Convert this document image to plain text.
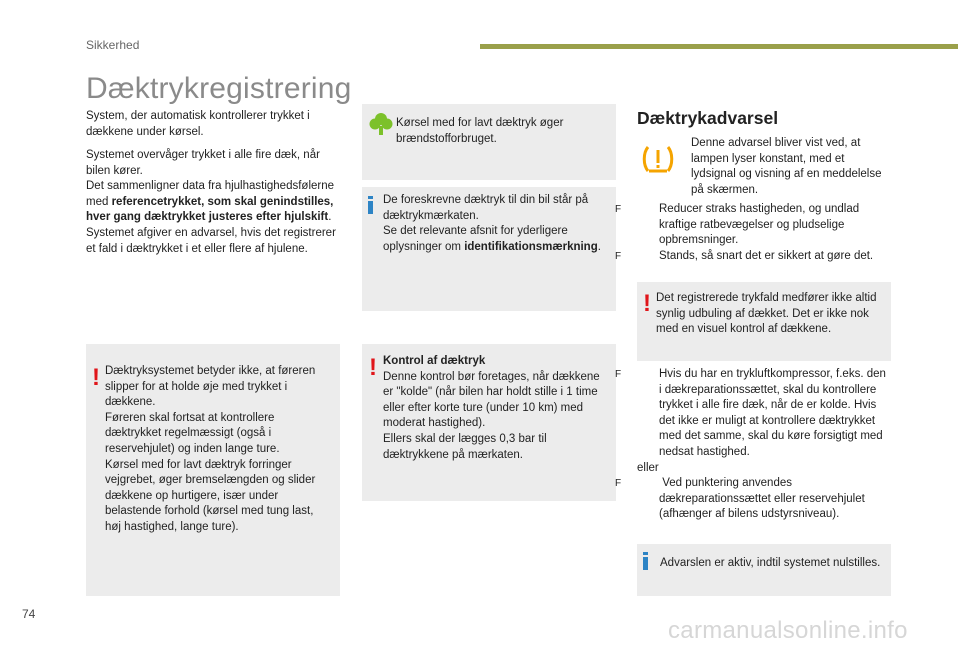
Sikkerhed
Dæktrykregistrering

System, der automatisk kontrollerer trykket i dækkene under kørsel.

Systemet overvåger trykket i alle fire dæk, når bilen kører.

Det sammenligner data fra hjulhastighedsfølerne med referencetrykket, som skal genindstilles, hver gang dæktrykket justeres efter hjulskift.

Systemet afgiver en advarsel, hvis det registrerer et fald i dæktrykket i et eller flere af hjulene.

! Dæktryksystemet betyder ikke, at føreren slipper for at holde øje med trykket i dækkene.

Føreren skal fortsat at kontrollere dæktrykket regelmæssigt (også i reservehjulet) og inden lange ture.

Kørsel med for lavt dæktryk forringer vejgrebet, øger bremselængden og slider dækkene op hurtigere, især under belastende forhold (kørsel med tung last, høj hastighed, lange ture).

Kørsel med for lavt dæktryk øger brændstofforbruget.

De foreskrevne dæktryk til din bil står på dæktrykmærkaten.

Se det relevante afsnit for yderligere oplysninger om identifikationsmærkning.

! Kontrol af dæktryk

Denne kontrol bør foretages, når dækkene er "kolde" (når bilen har holdt stille i 1 time eller efter korte ture (under 10 km) med moderat hastighed).

Ellers skal der lægges 0,3 bar til dæktrykkene på mærkaten.

Dæktrykadvarsel

Denne advarsel bliver vist ved, at lampen lyser konstant, med et lydsignal og visning af en meddelelse på skærmen.

F	Reducer straks hastigheden, og undlad kraftige ratbevægelser og pludselige opbremsninger.

F	Stands, så snart det er sikkert at gøre det.

! Det registrerede trykfald medfører ikke altid synlig udbuling af dækket. Det er ikke nok med en visuel kontrol af dækkene.

F	Hvis du har en trykluftkompressor, f.eks. den i dækreparationssættet, skal du kontrollere trykket i alle fire dæk, når de er kolde. Hvis det ikke er muligt at kontrollere dæktrykket med det samme, skal du køre forsigtigt med nedsat hastighed.

eller

F	Ved punktering anvendes dækreparationssættet eller reservehjulet (afhænger af bilens udstyrsniveau).

Advarslen er aktiv, indtil systemet nulstilles.

74
carmanualsonline.info
